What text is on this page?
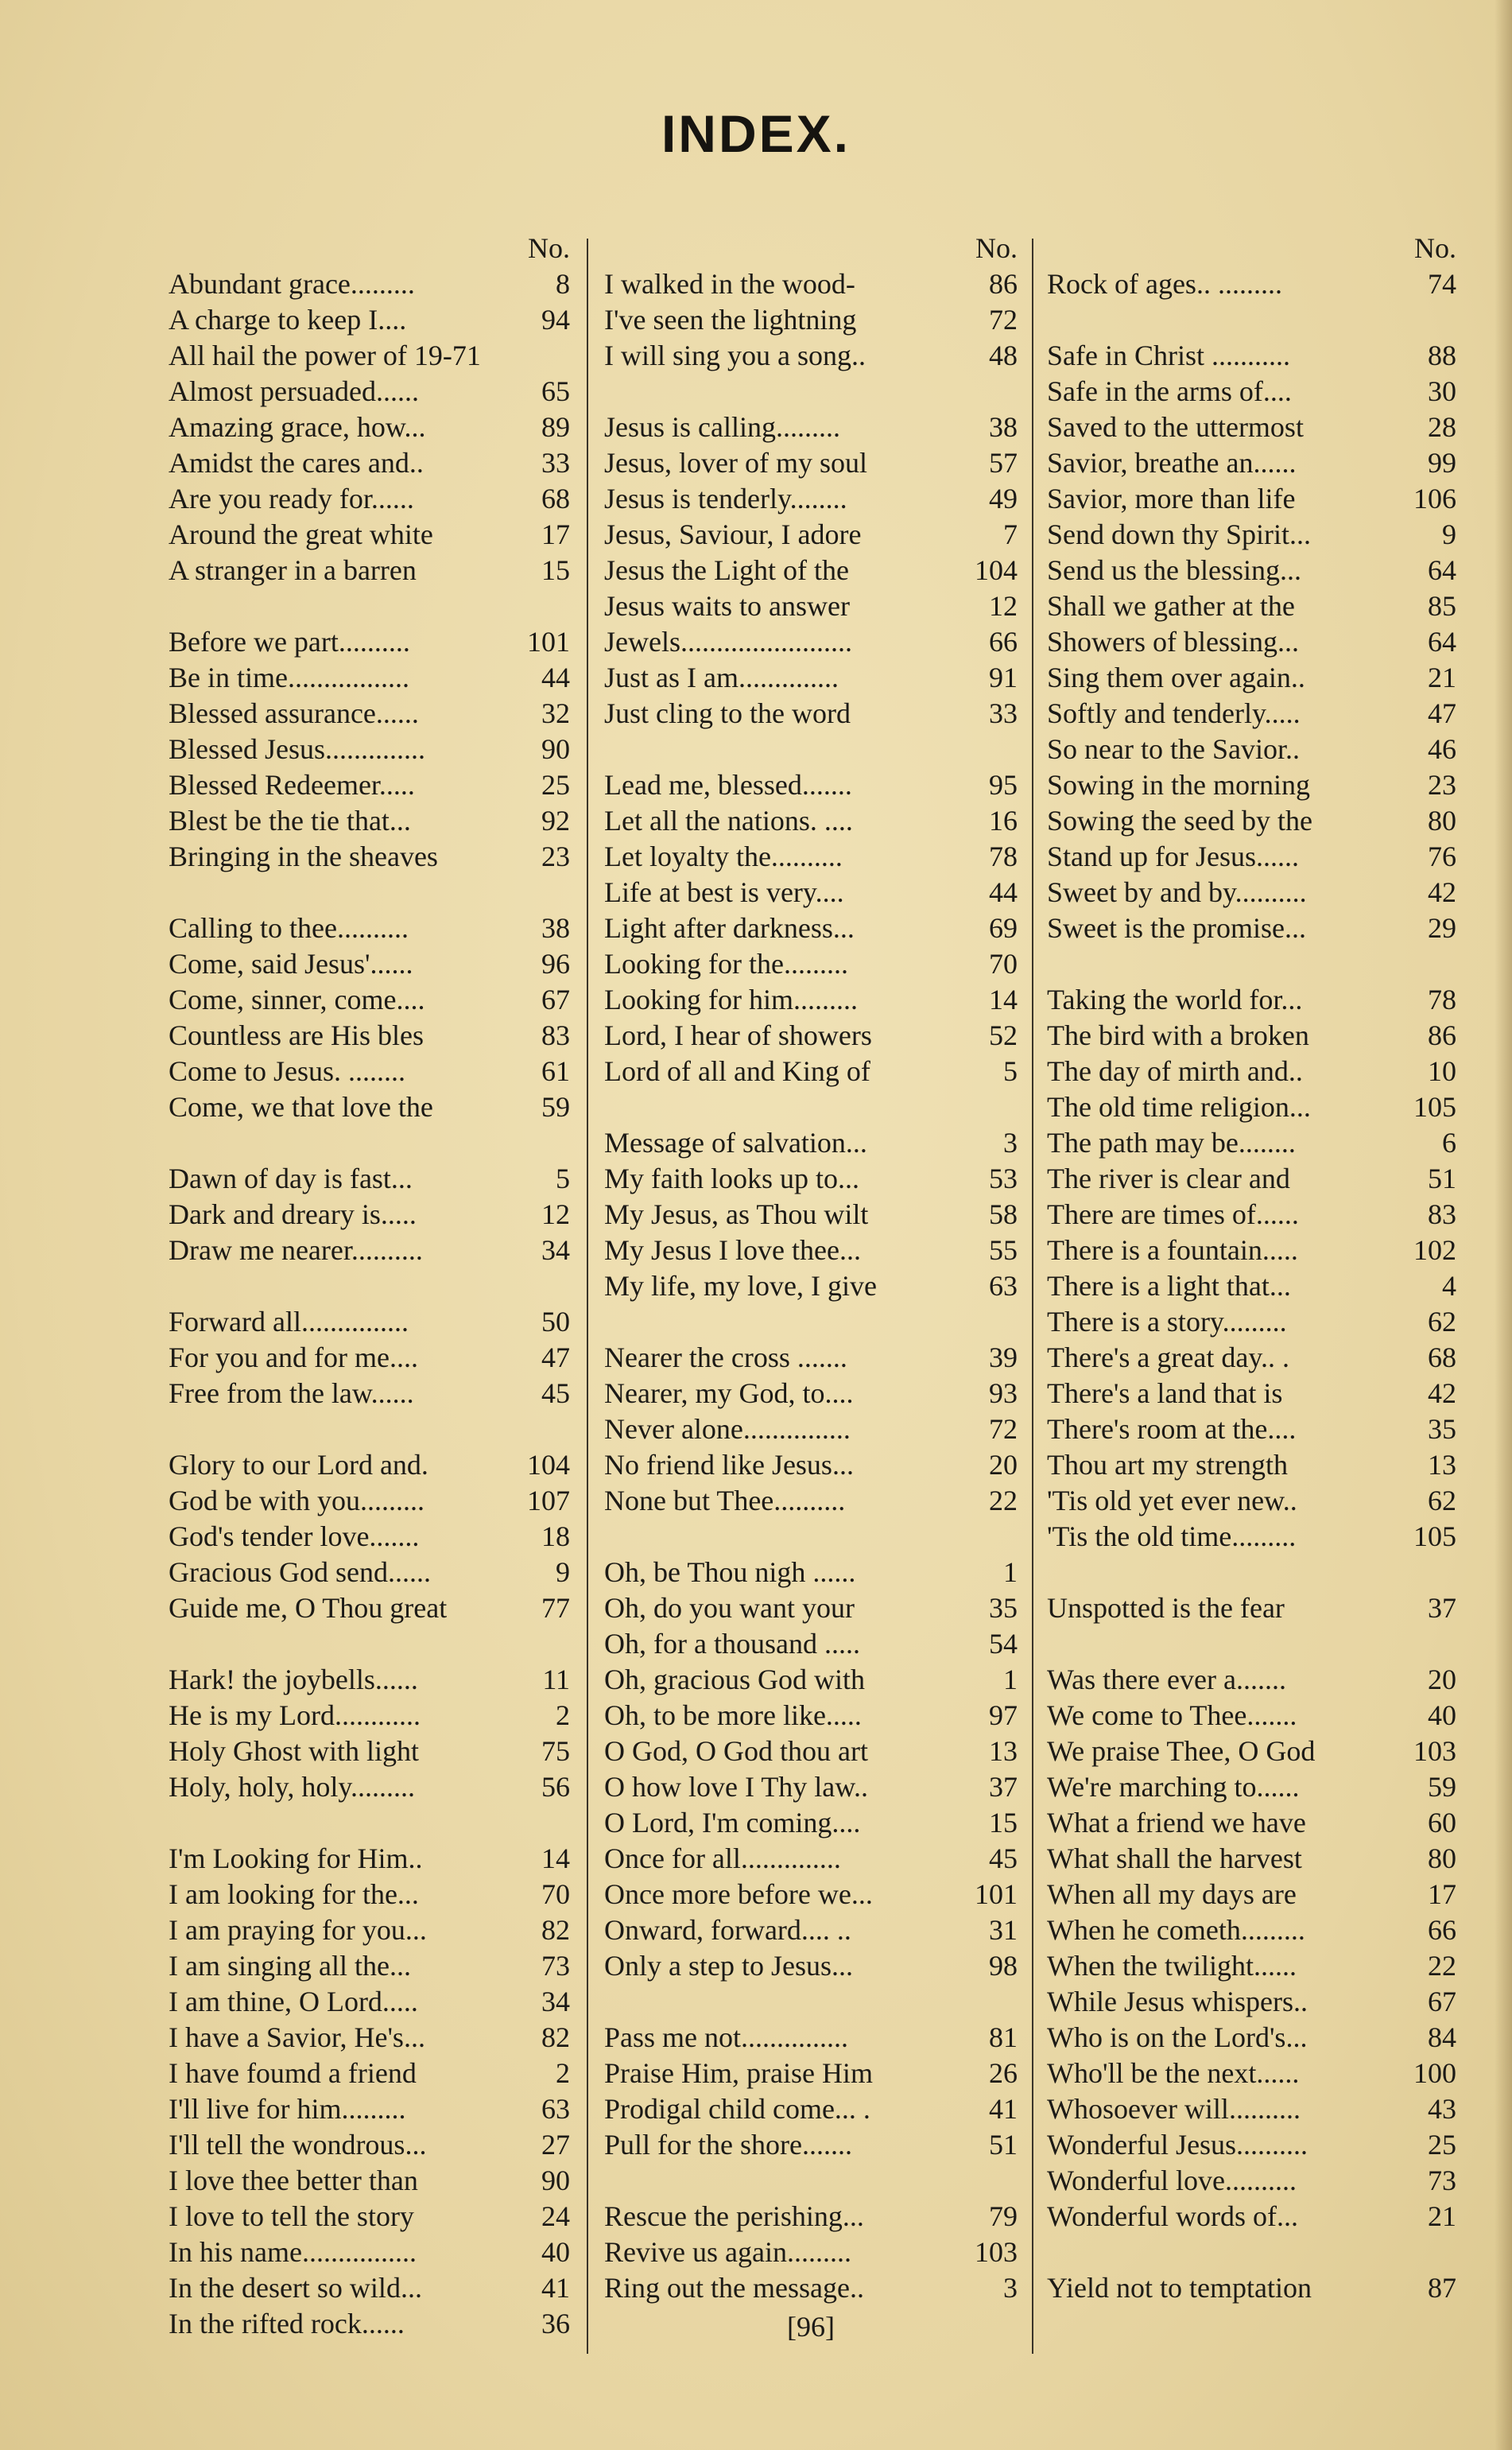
INDEX.
No.
Abundant grace.........	8
A charge to keep I....	94
All hail the power of 19-71
Almost persuaded......	65
Amazing grace, how...	89
Amidst the cares and..	33
Are you ready for......	68
Around the great white	17
A stranger in a barren	15
Before we part..........	101
Be in time.................	44
Blessed assurance......	32
Blessed Jesus..............	90
Blessed Redeemer.....	25
Blest be the tie that...	92
Bringing in the sheaves	23
Calling to thee..........	38
Come, said Jesus'......	96
Come, sinner, come....	67
Countless are His bles	83
Come to Jesus. ........	61
Come, we that love the	59
Dawn of day is fast...	5
Dark and dreary is.....	12
Draw me nearer..........	34
Forward all...............	50
For you and for me....	47
Free from the law......	45
Glory to our Lord and.	104
God be with you.........	107
God's tender love.......	18
Gracious God send......	9
Guide me, O Thou great	77
Hark! the joybells......	11
He is my Lord............	2
Holy Ghost with light	75
Holy, holy, holy.........	56
I'm Looking for Him..	14
I am looking for the...	70
I am praying for you...	82
I am singing all the...	73
I am thine, O Lord.....	34
I have a Savior, He's...	82
I have foumd a friend	2
I'll live for him.........	63
I'll tell the wondrous...	27
I love thee better than	90
I love to tell the story	24
In his name................	40
In the desert so wild...	41
In the rifted rock......	36
No.
I walked in the wood-	86
I've seen the lightning	72
I will sing you a song..	48
Jesus is calling.........	38
Jesus, lover of my soul	57
Jesus is tenderly........	49
Jesus, Saviour, I adore	7
Jesus the Light of the	104
Jesus waits to answer	12
Jewels........................	66
Just as I am..............	91
Just cling to the word	33
Lead me, blessed.......	95
Let all the nations. ....	16
Let loyalty the..........	78
Life at best is very....	44
Light after darkness...	69
Looking for the.........	70
Looking for him.........	14
Lord, I hear of showers	52
Lord of all and King of	5
Message of salvation...	3
My faith looks up to...	53
My Jesus, as Thou wilt	58
My Jesus I love thee...	55
My life, my love, I give	63
Nearer the cross .......	39
Nearer, my God, to....	93
Never alone...............	72
No friend like Jesus...	20
None but Thee..........	22
Oh, be Thou nigh ......	1
Oh, do you want your	35
Oh, for a thousand .....	54
Oh, gracious God with	1
Oh, to be more like.....	97
O God, O God thou art	13
O how love I Thy law..	37
O Lord, I'm coming....	15
Once for all..............	45
Once more before we...	101
Onward, forward.... ..	31
Only a step to Jesus...	98
Pass me not...............	81
Praise Him, praise Him	26
Prodigal child come... .	41
Pull for the shore.......	51
Rescue the perishing...	79
Revive us again.........	103
Ring out the message..	3
No.
Rock of ages.. .........	74
Safe in Christ ...........	88
Safe in the arms of....	30
Saved to the uttermost	28
Savior, breathe an......	99
Savior, more than life	106
Send down thy Spirit...	9
Send us the blessing...	64
Shall we gather at the	85
Showers of blessing...	64
Sing them over again..	21
Softly and tenderly.....	47
So near to the Savior..	46
Sowing in the morning	23
Sowing the seed by the	80
Stand up for Jesus......	76
Sweet by and by..........	42
Sweet is the promise...	29
Taking the world for...	78
The bird with a broken	86
The day of mirth and..	10
The old time religion...	105
The path may be........	6
The river is clear and	51
There are times of......	83
There is a fountain.....	102
There is a light that...	4
There is a story.........	62
There's a great day.. .	68
There's a land that is	42
There's room at the....	35
Thou art my strength	13
'Tis old yet ever new..	62
'Tis the old time.........	105
Unspotted is the fear	37
Was there ever a.......	20
We come to Thee.......	40
We praise Thee, O God	103
We're marching to......	59
What a friend we have	60
What shall the harvest	80
When all my days are	17
When he cometh.........	66
When the twilight......	22
While Jesus whispers..	67
Who is on the Lord's...	84
Who'll be the next......	100
Whosoever will..........	43
Wonderful Jesus..........	25
Wonderful love..........	73
Wonderful words of...	21
Yield not to temptation	87
[96]
